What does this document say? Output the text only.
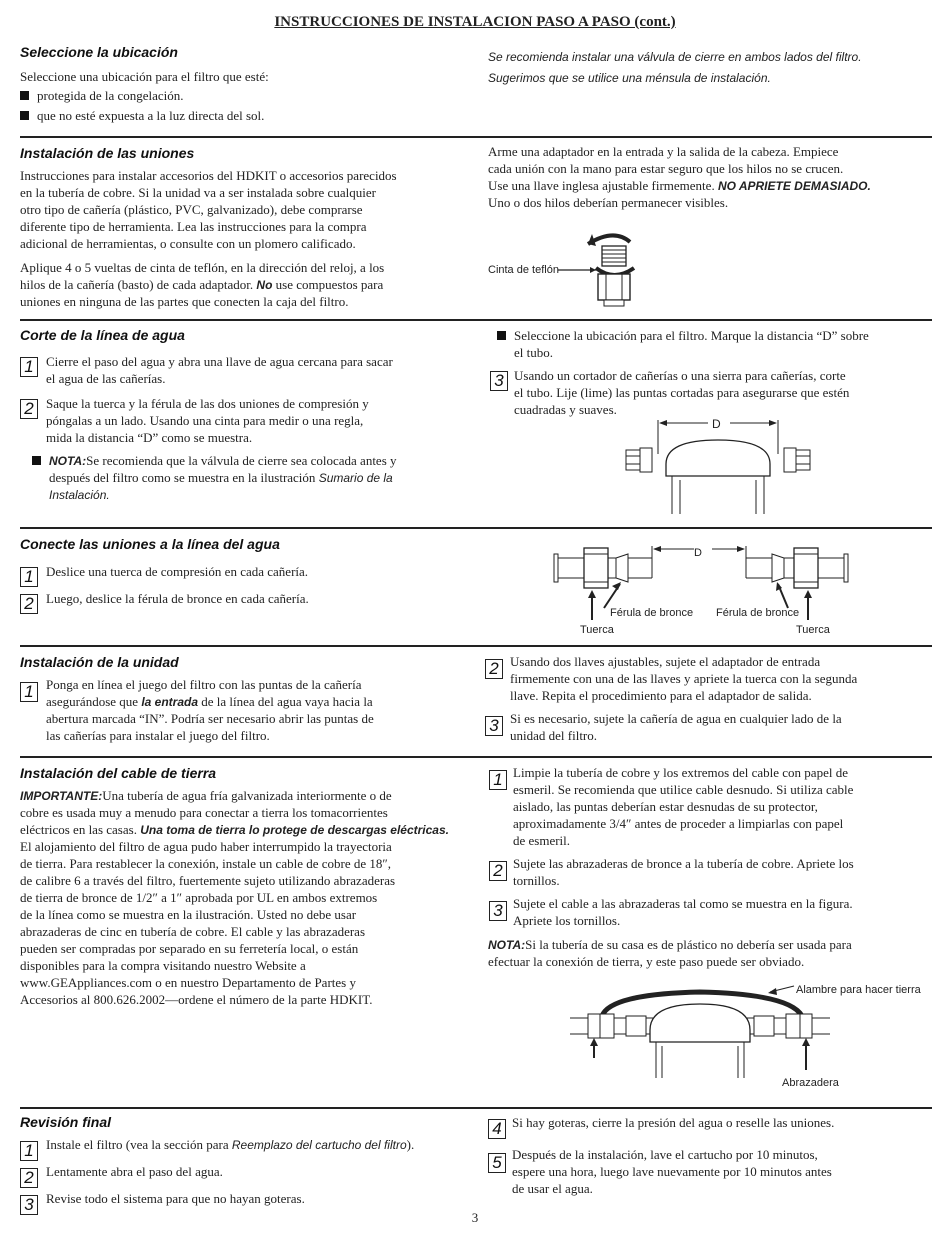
INSTRUCCIONES DE INSTALACION PASO A PASO (cont.)
Seleccione la ubicación
Seleccione una ubicación para el filtro que esté:
protegida de la congelación.
que no esté expuesta a la luz directa del sol.
Se recomienda instalar una válvula de cierre en ambos lados del filtro.
Sugerimos que se utilice una ménsula de instalación.
Instalación de las uniones
Instrucciones para instalar accesorios del HDKIT o accesorios parecidos
en la tubería de cobre. Si la unidad va a ser instalada sobre cualquier
otro tipo de cañería (plástico, PVC, galvanizado), debe comprarse
diferente tipo de herramienta. Lea las instrucciones para la compra
adicional de herramientas, o consulte con un plomero calificado.
Aplique 4 o 5 vueltas de cinta de teflón, en la dirección del reloj, a los
hilos de la cañería (basto) de cada adaptador. No use compuestos para
uniones en ninguna de las partes que conecten la caja del filtro.
Arme una adaptador en la entrada y la salida de la cabeza. Empiece
cada unión con la mano para estar seguro que los hilos no se crucen.
Use una llave inglesa ajustable firmemente. NO APRIETE DEMASIADO.
Uno o dos hilos deberían permanecer visibles.
Cinta de teflón
Corte de la línea de agua
1 Cierre el paso del agua y abra una llave de agua cercana para sacar
el agua de las cañerías.
2 Saque la tuerca y la férula de las dos uniones de compresión y
póngalas a un lado. Usando una cinta para medir o una regla,
mida la distancia “D” como se muestra.
NOTA:Se recomienda que la válvula de cierre sea colocada antes y
después del filtro como se muestra en la ilustración Sumario de la
Instalación.
Seleccione la ubicación para el filtro. Marque la distancia “D” sobre
el tubo.
3 Usando un cortador de cañerías o una sierra para cañerías, corte
el tubo. Lije (lime) las puntas cortadas para asegurarse que estén
cuadradas y suaves.
D
Conecte las uniones a la línea del agua
1 Deslice una tuerca de compresión en cada cañería.
2 Luego, deslice la férula de bronce en cada cañería.
D
Férula de bronce Férula de bronce
Tuerca	Tuerca
Instalación de la unidad
1 Ponga en línea el juego del filtro con las puntas de la cañería
asegurándose que la entrada de la línea del agua vaya hacia la
abertura marcada “IN”. Podría ser necesario abrir las puntas de
las cañerías para instalar el juego del filtro.
2 Usando dos llaves ajustables, sujete el adaptador de entrada
firmemente con una de las llaves y apriete la tuerca con la segunda
llave. Repita el procedimiento para el adaptador de salida.
3 Si es necesario, sujete la cañería de agua en cualquier lado de la
unidad del filtro.
Instalación del cable de tierra
IMPORTANTE:Una tubería de agua fría galvanizada interiormente o de
cobre es usada muy a menudo para conectar a tierra los tomacorrientes
eléctricos en las casas. Una toma de tierra lo protege de descargas eléctricas.
El alojamiento del filtro de agua pudo haber interrumpido la trayectoria
de tierra. Para restablecer la conexión, instale un cable de cobre de 18″,
de calibre 6 a través del filtro, fuertemente sujeto utilizando abrazaderas
de tierra de bronce de 1/2″ a 1″ aprobada por UL en ambos extremos
de la línea como se muestra en la ilustración. Usted no debe usar
abrazaderas de cinc en tubería de cobre. El cable y las abrazaderas
pueden ser compradas por separado en su ferretería local, o están
disponibles para la compra visitando nuestro Website a
www.GEAppliances.com o en nuestro Departamento de Partes y
Accesorios al 800.626.2002—ordene el número de la parte HDKIT.
1 Limpie la tubería de cobre y los extremos del cable con papel de
esmeril. Se recomienda que utilice cable desnudo. Si utiliza cable
aislado, las puntas deberían estar desnudas de su protector,
aproximadamente 3/4″ antes de proceder a limpiarlas con papel
de esmeril.
2 Sujete las abrazaderas de bronce a la tubería de cobre. Apriete los
tornillos.
3 Sujete el cable a las abrazaderas tal como se muestra en la figura.
Apriete los tornillos.
NOTA:Si la tubería de su casa es de plástico no debería ser usada para
efectuar la conexión de tierra, y este paso puede ser obviado.
Alambre para hacer tierra
Abrazadera
Revisión final
1 Instale el filtro (vea la sección para Reemplazo del cartucho del filtro).
2 Lentamente abra el paso del agua.
3 Revise todo el sistema para que no hayan goteras.
4 Si hay goteras, cierre la presión del agua o reselle las uniones.
5 Después de la instalación, lave el cartucho por 10 minutos,
espere una hora, luego lave nuevamente por 10 minutos antes
de usar el agua.
3
